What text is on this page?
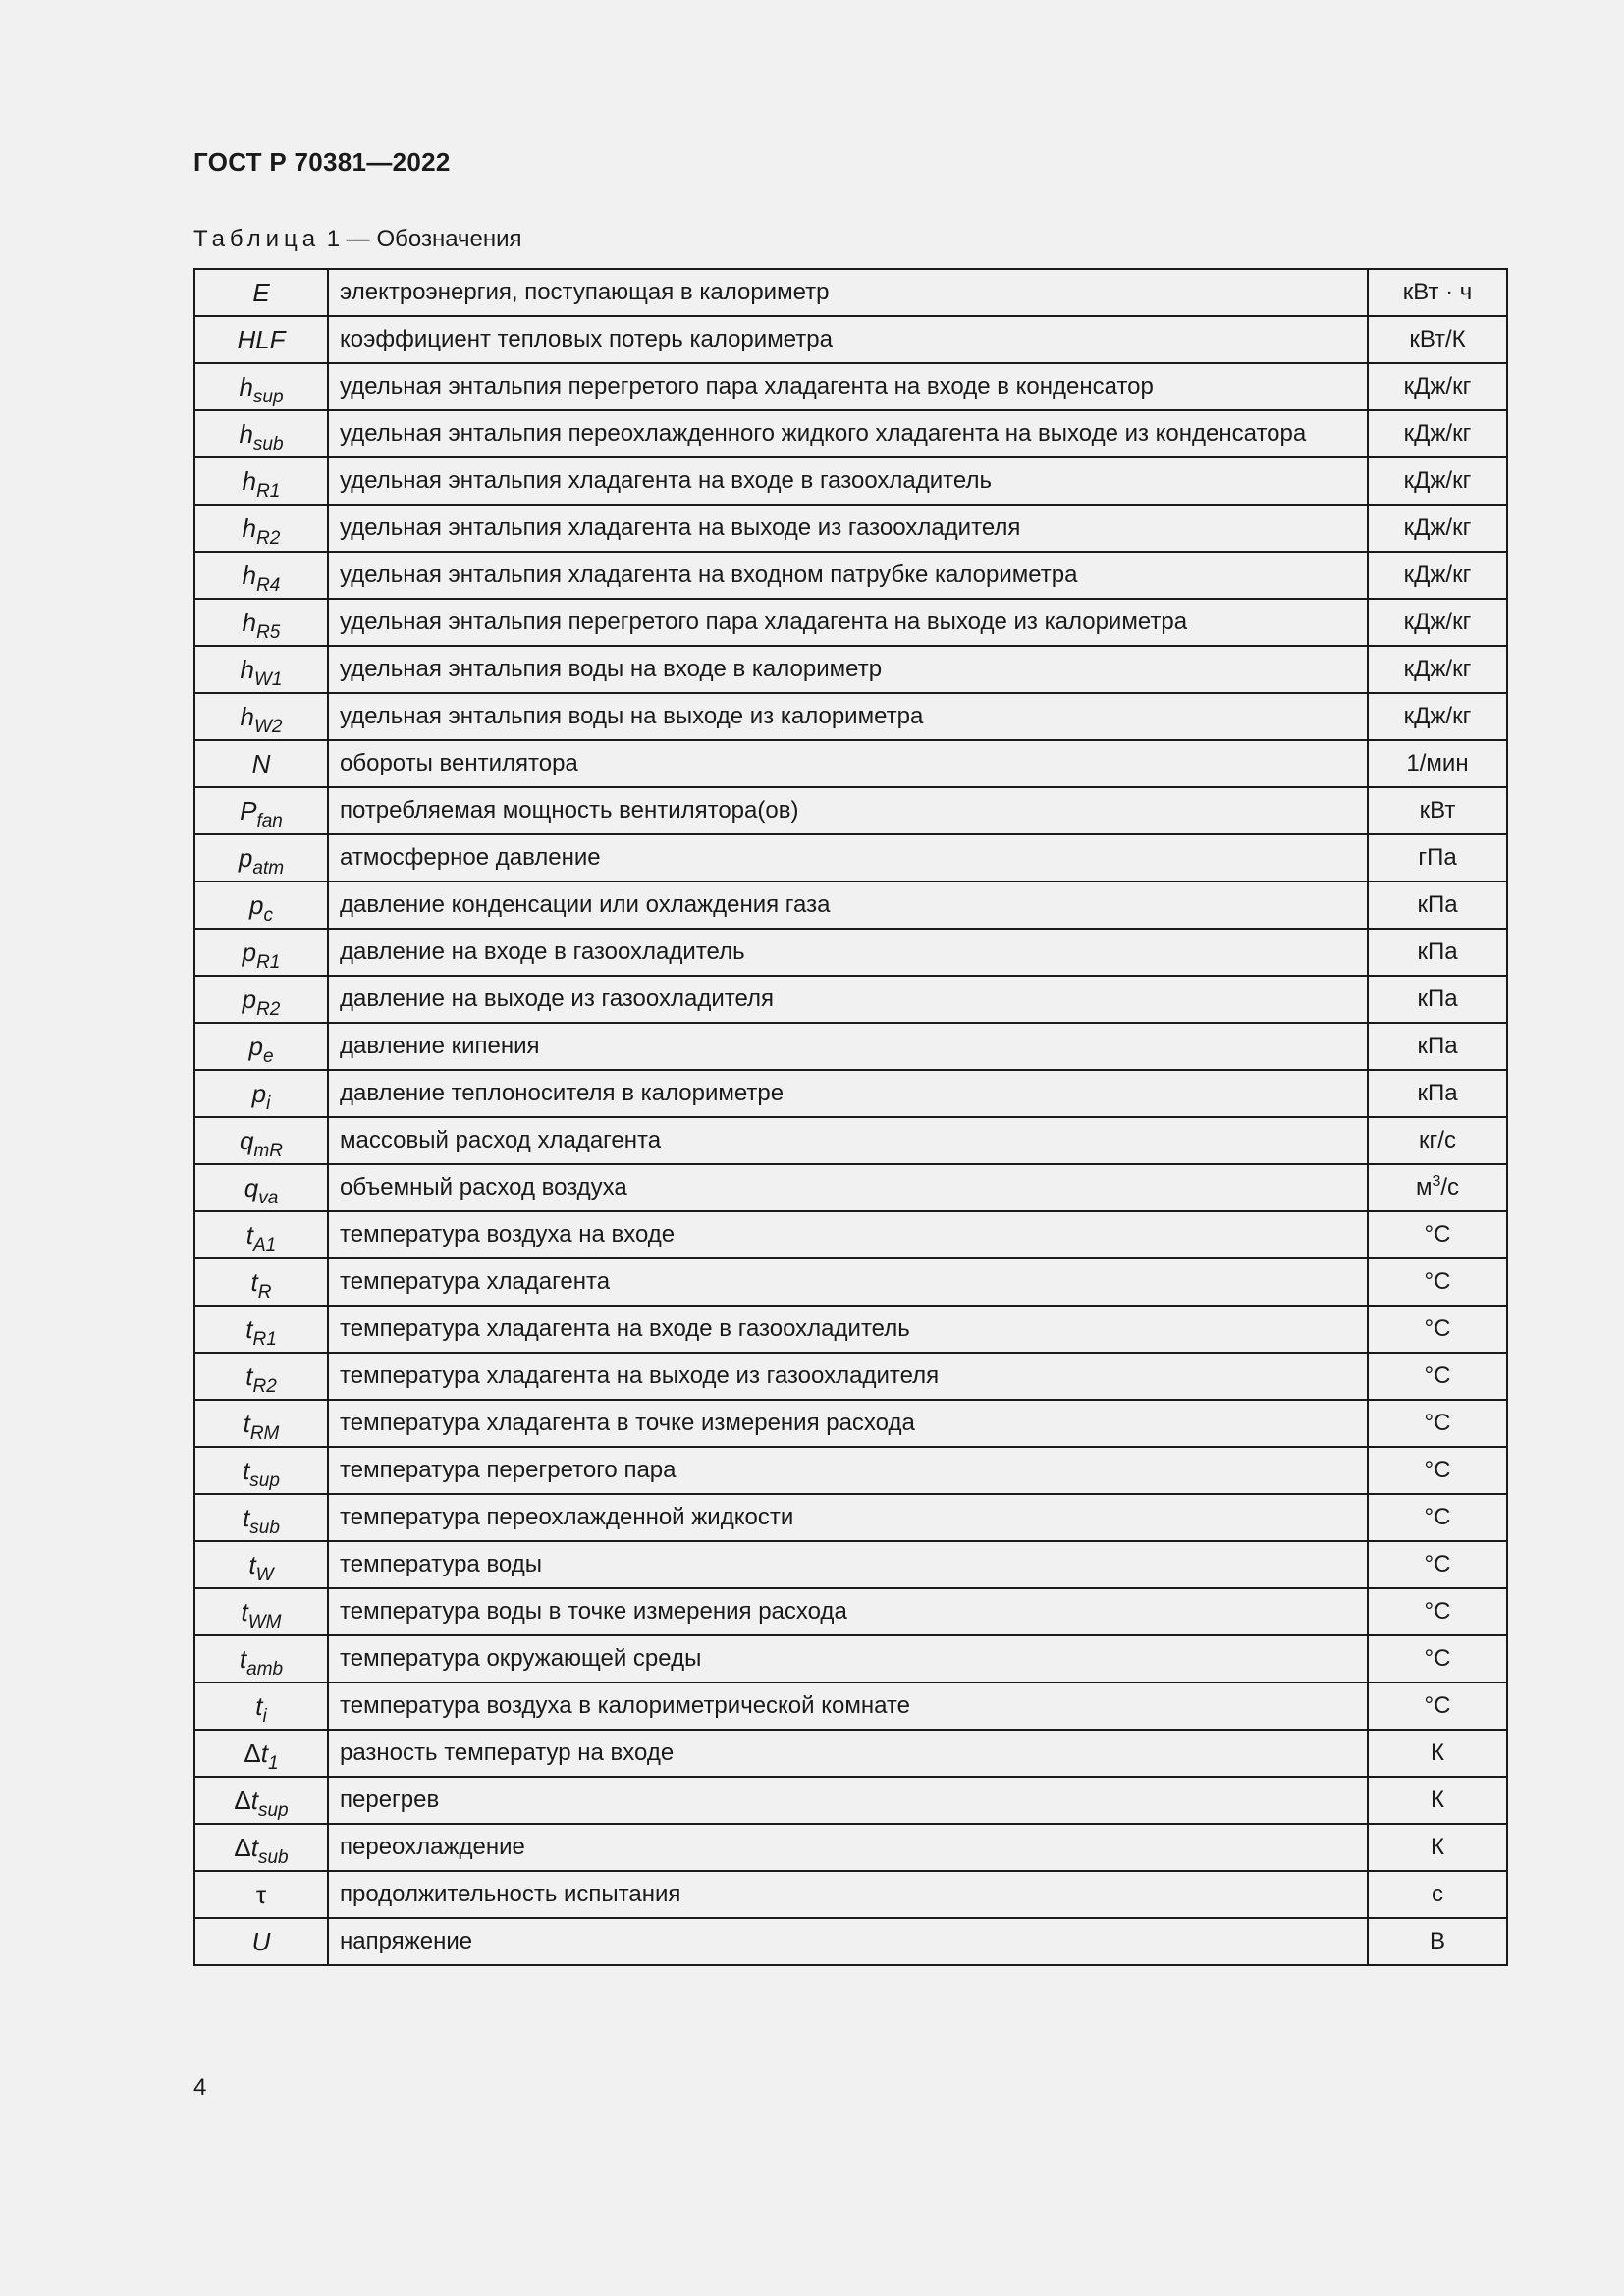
ГОСТ Р 70381—2022
Таблица 1 — Обозначения
E	электроэнергия, поступающая в калориметр	кВт · ч
HLF	коэффициент тепловых потерь калориметра	кВт/К
$h_{sup}$	удельная энтальпия перегретого пара хладагента на входе в конденсатор	кДж/кг
$h_{sub}$	удельная энтальпия переохлажденного жидкого хладагента на выходе из конденсатора	кДж/кг
$h_{R1}$	удельная энтальпия хладагента на входе в газоохладитель	кДж/кг
$h_{R2}$	удельная энтальпия хладагента на выходе из газоохладителя	кДж/кг
$h_{R4}$	удельная энтальпия хладагента на входном патрубке калориметра	кДж/кг
$h_{R5}$	удельная энтальпия перегретого пара хладагента на выходе из калориметра	кДж/кг
$h_{W1}$	удельная энтальпия воды на входе в калориметр	кДж/кг
$h_{W2}$	удельная энтальпия воды на выходе из калориметра	кДж/кг
N	обороты вентилятора	1/мин
$P_{fan}$	потребляемая мощность вентилятора(ов)	кВт
$p_{atm}$	атмосферное давление	гПа
$p_c$	давление конденсации или охлаждения газа	кПа
$p_{R1}$	давление на входе в газоохладитель	кПа
$p_{R2}$	давление на выходе из газоохладителя	кПа
$p_e$	давление кипения	кПа
$p_i$	давление теплоносителя в калориметре	кПа
$q_{mR}$	массовый расход хладагента	кг/с
$q_{va}$	объемный расход воздуха	$м^3/с$
$t_{A1}$	температура воздуха на входе	°С
$t_R$	температура хладагента	°С
$t_{R1}$	температура хладагента на входе в газоохладитель	°С
$t_{R2}$	температура хладагента на выходе из газоохладителя	°С
$t_{RM}$	температура хладагента в точке измерения расхода	°С
$t_{sup}$	температура перегретого пара	°С
$t_{sub}$	температура переохлажденной жидкости	°С
$t_W$	температура воды	°С
$t_{WM}$	температура воды в точке измерения расхода	°С
$t_{amb}$	температура окружающей среды	°С
$t_i$	температура воздуха в калориметрической комнате	°С
$\Delta t_1$	разность температур на входе	К
$\Delta t_{sup}$	перегрев	К
$\Delta t_{sub}$	переохлаждение	К
τ	продолжительность испытания	с
U	напряжение	В
4
